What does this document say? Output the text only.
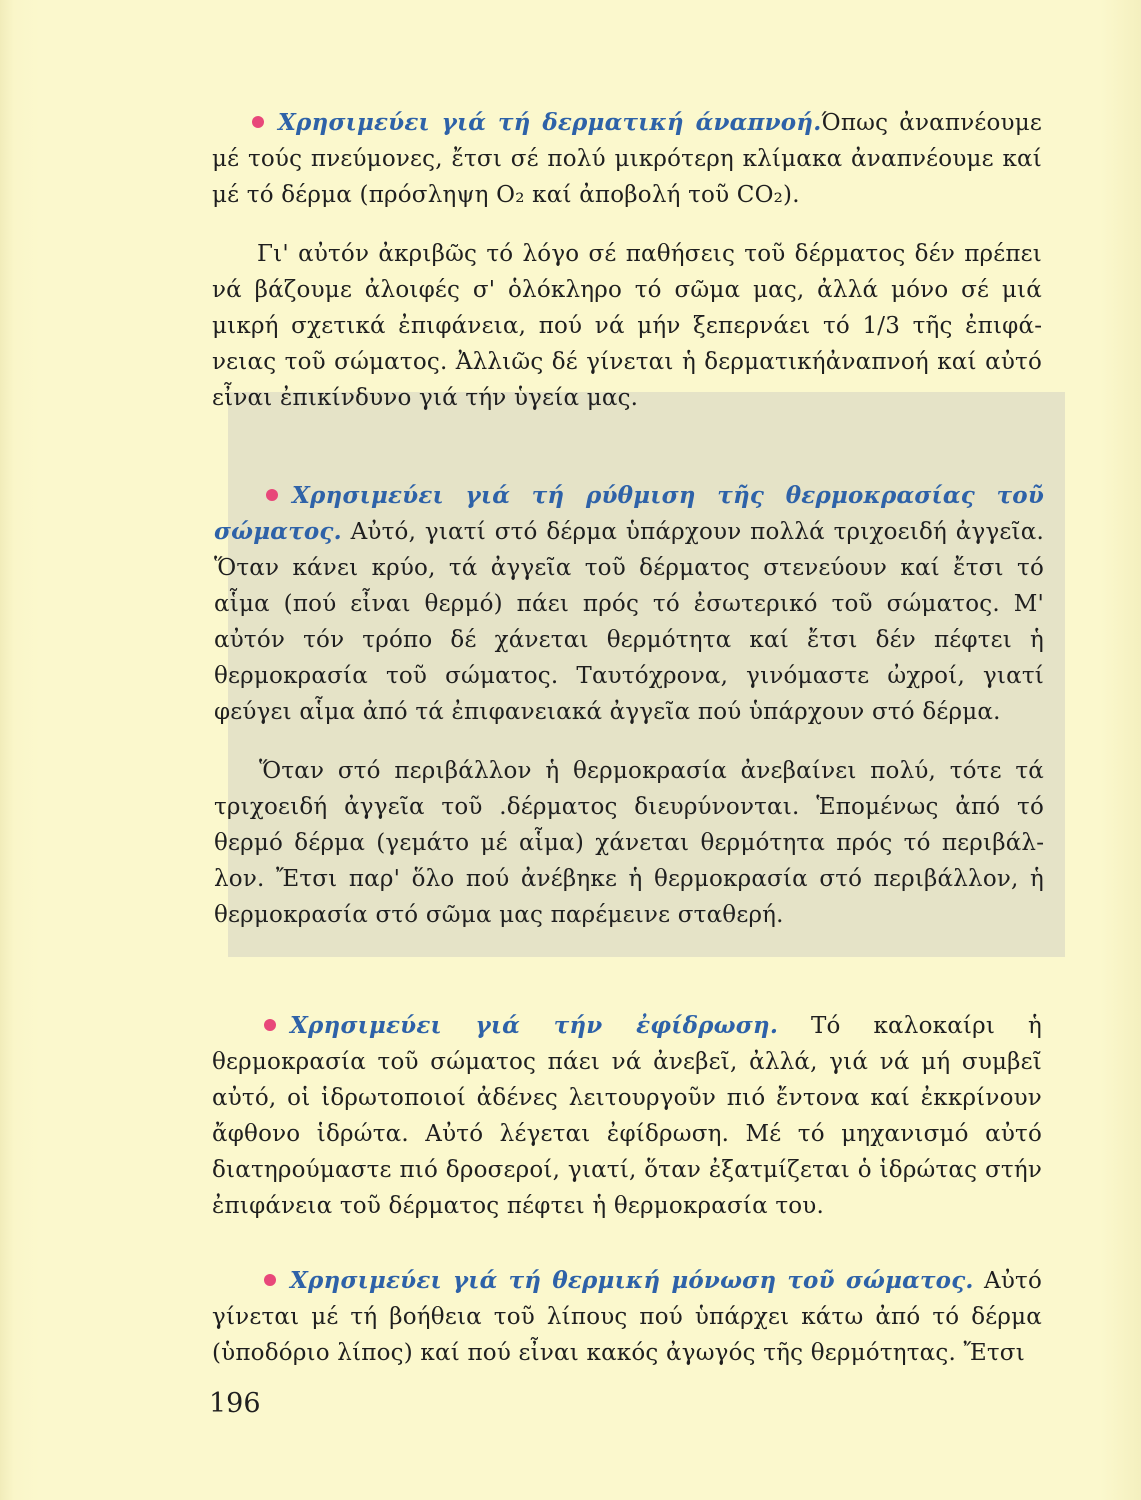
Χρησιμεύει γιά τή δερματική άναπνοή.Όπως ἀναπνέουμε μέ τούς πνεύμονες, ἔτσι σέ πολύ μικρότερη κλίμακα ἀναπνέουμε καί μέ τό δέρμα (πρόσληψη O₂ καί ἀποβολή τοῦ CO₂).

Γι' αὐτόν ἀκριβῶς τό λόγο σέ παθήσεις τοῦ δέρματος δέν πρέπει νά βάζουμε ἀλοιφές σ' ὁλόκληρο τό σῶμα μας, ἀλλά μόνο σέ μιά μικρή σχετικά ἐπιφάνεια, πού νά μήν ξεπερνάει τό 1/3 τῆς ἐπιφάνειας τοῦ σώματος. Ἀλλιῶς δέ γίνεται ἡ δερματικήἀναπνοή καί αὐτό εἶναι ἐπικίνδυνο γιά τήν ὑγεία μας.

Χρησιμεύει γιά τή ρύθμιση τῆς θερμοκρασίας τοῦ σώματος. Αὐτό, γιατί στό δέρμα ὑπάρχουν πολλά τριχοειδή ἀγγεῖα. Ὅταν κάνει κρύο, τά ἀγγεῖα τοῦ δέρματος στενεύουν καί ἔτσι τό αἷμα (πού εἶναι θερμό) πάει πρός τό ἐσωτερικό τοῦ σώματος. Μ' αὐτόν τόν τρόπο δέ χάνεται θερμότητα καί ἔτσι δέν πέφτει ἡ θερμοκρασία τοῦ σώματος. Ταυτόχρονα, γινόμαστε ὠχροί, γιατί φεύγει αἷμα ἀπό τά ἐπιφανειακά ἀγγεῖα πού ὑπάρχουν στό δέρμα.

Ὅταν στό περιβάλλον ἡ θερμοκρασία ἀνεβαίνει πολύ, τότε τά τριχοειδή ἀγγεῖα τοῦ .δέρματος διευρύνονται. Ἑπομένως ἀπό τό θερμό δέρμα (γεμάτο μέ αἷμα) χάνεται θερμότητα πρός τό περιβάλλον. Ἔτσι παρ' ὅλο πού ἀνέβηκε ἡ θερμοκρασία στό περιβάλλον, ἡ θερμοκρασία στό σῶμα μας παρέμεινε σταθερή.

Χρησιμεύει γιά τήν ἐφίδρωση. Τό καλοκαίρι ἡ θερμοκρασία τοῦ σώματος πάει νά ἀνεβεῖ, ἀλλά, γιά νά μή συμβεῖ αὐτό, οἱ ἱδρωτοποιοί ἀδένες λειτουργοῦν πιό ἔντονα καί ἐκκρίνουν ἄφθονο ἱδρώτα. Αὐτό λέγεται ἐφίδρωση. Μέ τό μηχανισμό αὐτό διατηρούμαστε πιό δροσεροί, γιατί, ὅταν ἐξατμίζεται ὁ ἱδρώτας στήν ἐπιφάνεια τοῦ δέρματος πέφτει ἡ θερμοκρασία του.

Χρησιμεύει γιά τή θερμική μόνωση τοῦ σώματος. Αὐτό γίνεται μέ τή βοήθεια τοῦ λίπους πού ὑπάρχει κάτω ἀπό τό δέρμα (ὑποδόριο λίπος) καί πού εἶναι κακός ἀγωγός τῆς θερμότητας. Ἔτσι

196
